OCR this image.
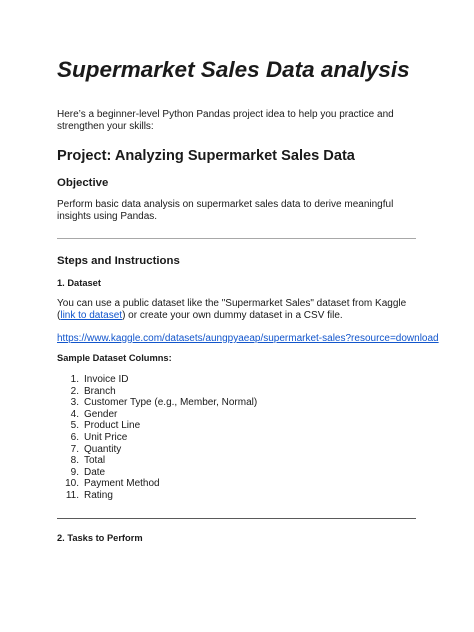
Supermarket Sales Data analysis

Here’s a beginner-level Python Pandas project idea to help you practice and strengthen your skills:

Project: Analyzing Supermarket Sales Data
Objective

Perform basic data analysis on supermarket sales data to derive meaningful insights using Pandas.

Steps and Instructions
1. Dataset

You can use a public dataset like the "Supermarket Sales" dataset from Kaggle (link to dataset) or create your own dummy dataset in a CSV file.

https://www.kaggle.com/datasets/aungpyaeap/supermarket-sales?resource=download
Sample Dataset Columns:
1. Invoice ID
2. Branch
3. Customer Type (e.g., Member, Normal)
4. Gender
5. Product Line
6. Unit Price
7. Quantity
8. Total
9. Date
10. Payment Method
11. Rating
2. Tasks to Perform
